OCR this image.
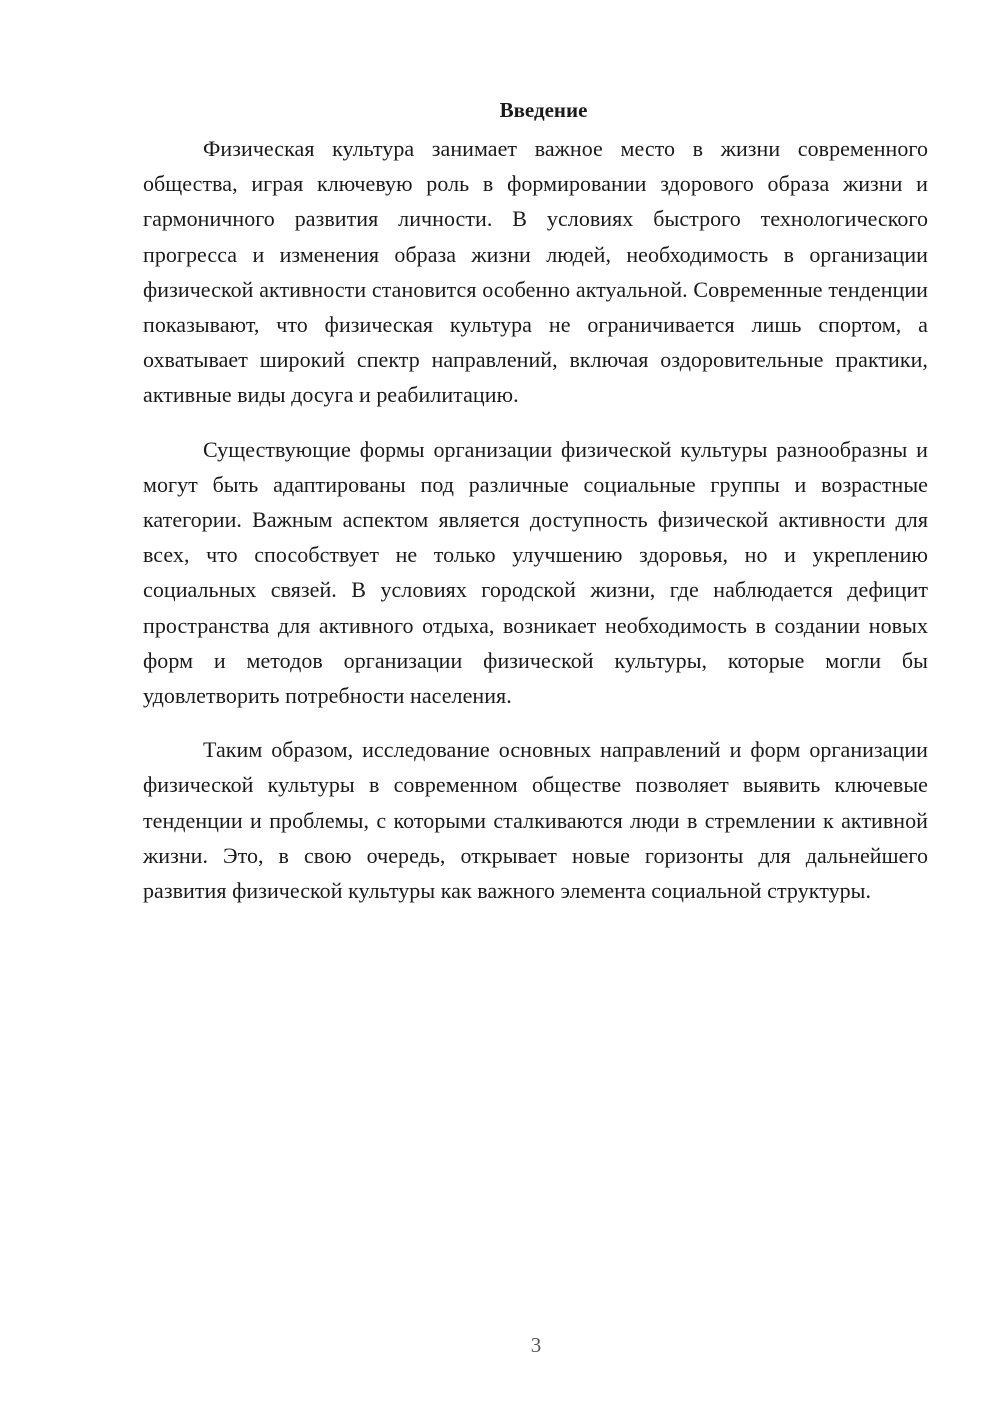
Введение

Физическая культура занимает важное место в жизни современного общества, играя ключевую роль в формировании здорового образа жизни и гармоничного развития личности. В условиях быстрого технологического прогресса и изменения образа жизни людей, необходимость в организации физической активности становится особенно актуальной. Современные тенденции показывают, что физическая культура не ограничивается лишь спортом, а охватывает широкий спектр направлений, включая оздоровительные практики, активные виды досуга и реабилитацию.

Существующие формы организации физической культуры разнообразны и могут быть адаптированы под различные социальные группы и возрастные категории. Важным аспектом является доступность физической активности для всех, что способствует не только улучшению здоровья, но и укреплению социальных связей. В условиях городской жизни, где наблюдается дефицит пространства для активного отдыха, возникает необходимость в создании новых форм и методов организации физической культуры, которые могли бы удовлетворить потребности населения.

Таким образом, исследование основных направлений и форм организации физической культуры в современном обществе позволяет выявить ключевые тенденции и проблемы, с которыми сталкиваются люди в стремлении к активной жизни. Это, в свою очередь, открывает новые горизонты для дальнейшего развития физической культуры как важного элемента социальной структуры.

3
